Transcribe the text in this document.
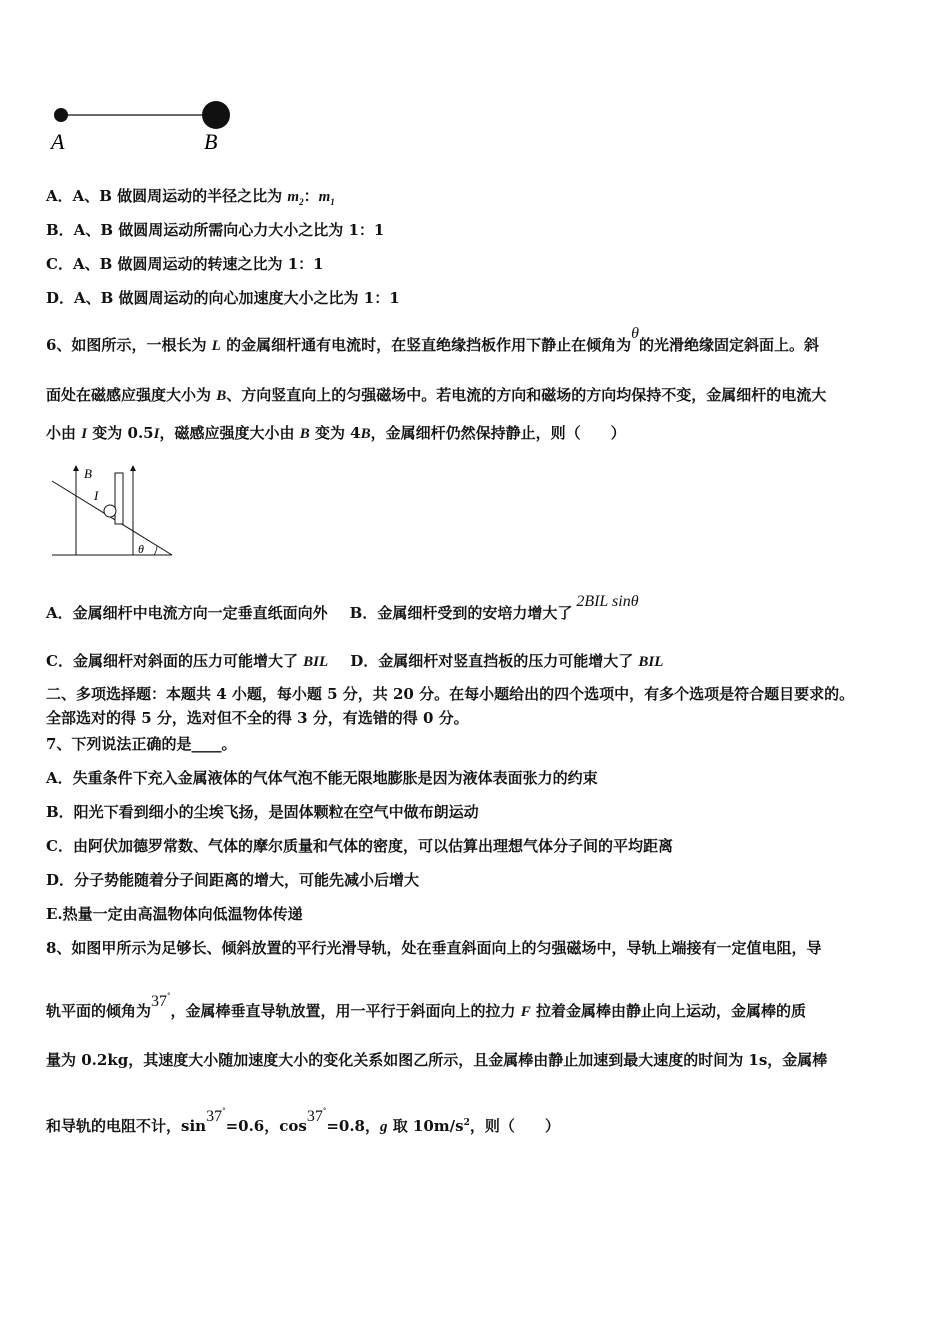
A	B
A．A、B 做圆周运动的半径之比为 $m_2$：$m_1$
B．A、B 做圆周运动所需向心力大小之比为 1：1
C．A、B 做圆周运动的转速之比为 1：1
D．A、B 做圆周运动的向心加速度大小之比为 1：1
6、如图所示，一根长为 L 的金属细杆通有电流时，在竖直绝缘挡板作用下静止在倾角为θ的光滑绝缘固定斜面上。斜
面处在磁感应强度大小为 B、方向竖直向上的匀强磁场中。若电流的方向和磁场的方向均保持不变，金属细杆的电流大
小由 I 变为 0.5I，磁感应强度大小由 B 变为 4B，金属细杆仍然保持静止，则（　　）
B
I
θ
A．金属细杆中电流方向一定垂直纸面向外 B．金属细杆受到的安培力增大了2BIL sinθ
C．金属细杆对斜面的压力可能增大了 BIL D．金属细杆对竖直挡板的压力可能增大了 BIL
二、多项选择题：本题共 4 小题，每小题 5 分，共 20 分。在每小题给出的四个选项中，有多个选项是符合题目要求的。
全部选对的得 5 分，选对但不全的得 3 分，有选错的得 0 分。
7、下列说法正确的是____。
A．失重条件下充入金属液体的气体气泡不能无限地膨胀是因为液体表面张力的约束
B．阳光下看到细小的尘埃飞扬，是固体颗粒在空气中做布朗运动
C．由阿伏加德罗常数、气体的摩尔质量和气体的密度，可以估算出理想气体分子间的平均距离
D．分子势能随着分子间距离的增大，可能先减小后增大
E.热量一定由高温物体向低温物体传递
8、如图甲所示为足够长、倾斜放置的平行光滑导轨，处在垂直斜面向上的匀强磁场中，导轨上端接有一定值电阻，导
轨平面的倾角为37°，金属棒垂直导轨放置，用一平行于斜面向上的拉力 F 拉着金属棒由静止向上运动，金属棒的质
量为 0.2kg，其速度大小随加速度大小的变化关系如图乙所示，且金属棒由静止加速到最大速度的时间为 1s，金属棒
和导轨的电阻不计，sin37°=0.6，cos37°=0.8，g 取 $10m/s^2$，则（　　）
